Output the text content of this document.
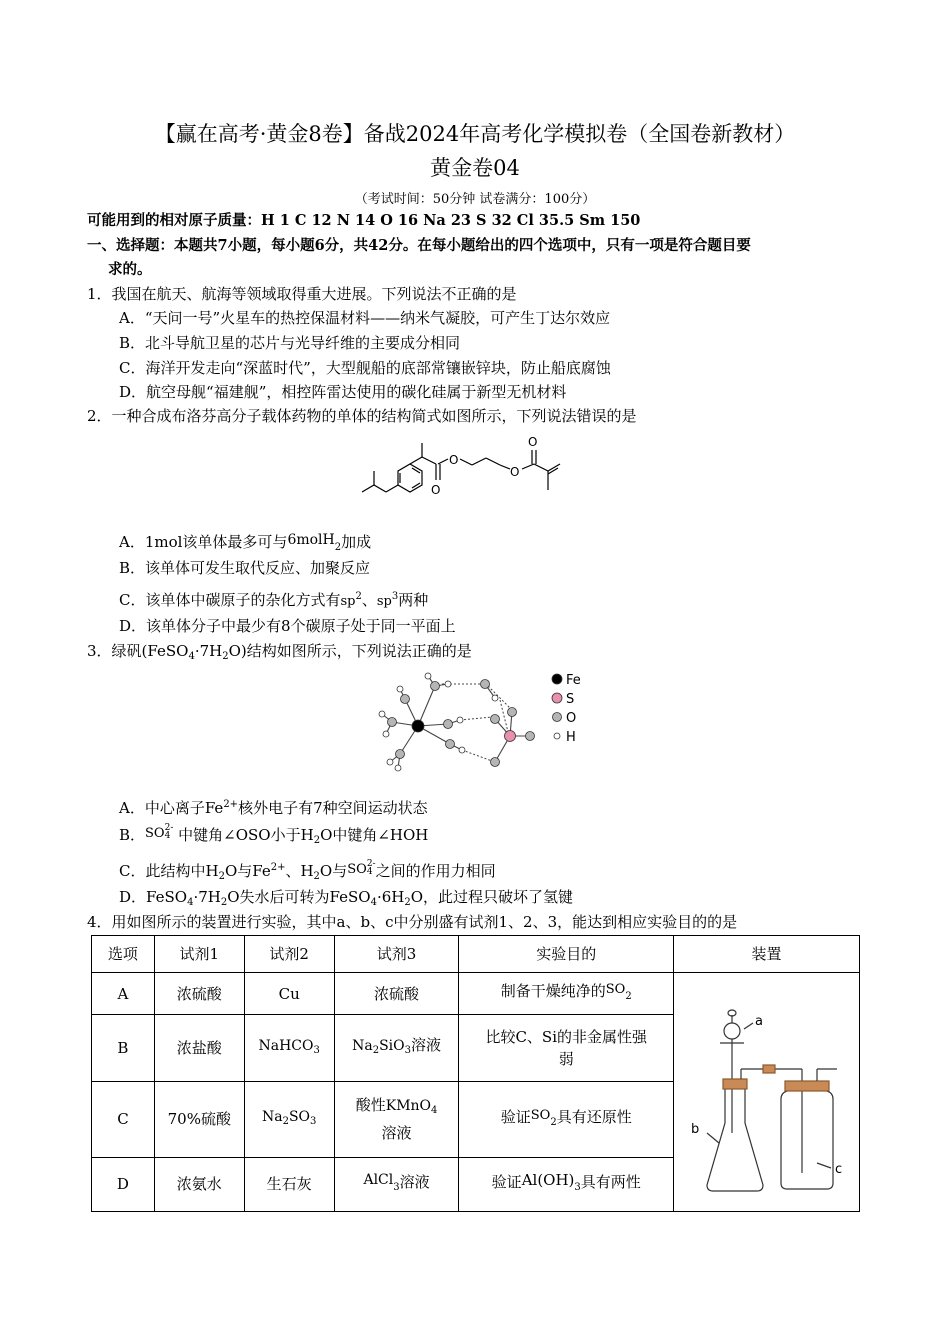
【赢在高考·黄金8卷】备战2024年高考化学模拟卷（全国卷新教材）
黄金卷04
（考试时间：50分钟 试卷满分：100分）
可能用到的相对原子质量：H 1 C 12 N 14 O 16 Na 23 S 32 Cl 35.5 Sm 150
一、选择题：本题共7小题，每小题6分，共42分。在每小题给出的四个选项中，只有一项是符合题目要
求的。
1．我国在航天、航海等领域取得重大进展。下列说法不正确的是
A．“天问一号”火星车的热控保温材料——纳米气凝胶，可产生丁达尔效应
B．北斗导航卫星的芯片与光导纤维的主要成分相同
C．海洋开发走向“深蓝时代”，大型舰船的底部常镶嵌锌块，防止船底腐蚀
D．航空母舰“福建舰”，相控阵雷达使用的碳化硅属于新型无机材料
2．一种合成布洛芬高分子载体药物的单体的结构简式如图所示，下列说法错误的是
O
O
O
O
A．1mol该单体最多可与6molH$_2$加成
B．该单体可发生取代反应、加聚反应
C．该单体中碳原子的杂化方式有$sp^2$、$sp^3$两种
D．该单体分子中最少有8个碳原子处于同一平面上
3．绿矾$(FeSO_4\cdot 7H_2O)$结构如图所示，下列说法正确的是
Fe
S
O
H
A．中心离子$Fe^{2+}$核外电子有7种空间运动状态
B．SO 2-
4 中键角∠OSO小于$H_2O$中键角∠HOH
C．此结构中$H_2O$与$Fe^{2+}$、$H_2O$与SO 2-
4 之间的作用力相同
D．$FeSO_4\cdot 7H_2O$失水后可转为$FeSO_4\cdot 6H_2O$，此过程只破坏了氢键
4．用如图所示的装置进行实验，其中a、b、c中分别盛有试剂1、2、3，能达到相应实验目的的是
选项	试剂1	试剂2	试剂3	实验目的	装置
A	浓硫酸	Cu	浓硫酸	制备干燥纯净的$SO_2$	a
b
c

B	浓盐酸	NaHCO$_3$	$Na_2SiO_3$溶液	比较C、Si的非金属性强
弱	

C	70%硫酸	$Na_2SO_3$	酸性KMnO$_4$
溶液	验证$SO_2$具有还原性	
D	浓氨水	生石灰	AlCl$_3$溶液	验证$Al(OH)_3$具有两性	
